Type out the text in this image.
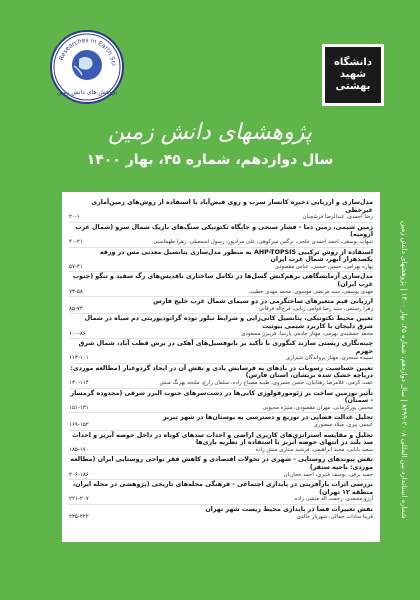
Researches in Earth Sci
پژوهش های دانش زمین
دانشگاه شهید بهشتی
پژوهشهای دانش زمین
سال دوازدهم، شماره ۴۵، بهار ۱۴۰۰
مدل‌سازی و ارزیابی ذخیره کانسار سرب و روی فیض‌آباد با استفاده از روش‌های زمین‌آماری غیرخطی
رضا احمدی، عبدالرضا فرشچیان
۲۰-۱
زمین شیمی، زمین دما - فشار سنجی و جایگاه تکتونیکی سنگ‌های بازیک شمال سرو (شمال غرب ارومیه)
شهاب یوسفی، احمد احمدی خلجی، نرگس میرکوهی، علی مرادپور، رسول اسمعیلی، زهرا طهماسبی
۴۰-۲۱
استفاده از روش ترکیبی AHP-TOPSIS به منظور مدل‌سازی پتانسیل معدنی مس در ورقه یکصدهزار ابهر، شمال غرب ایران
بهاره بهرامی، حسین حسنی، عباس مقصودی
۵۷-۴۱
مدل‌سازی آزمایشگاهی برهم‌کنش گسل‌ها در تکامل ساختاری ناقدیس‌های رگ سفید و تنگو (جنوب غرب ایران)
مهدی یوسفی، سید مرتضی موسوی، محمد مهدی خطیب
۷۳-۵۸
ارزیابی قیم متغیرهای ساختگرمی در دو سیمای شمال غرب خلیج فارس
زهرا رستمی، سید رضا قوامی ریابی، فرج‌اله فرقانی
۸۵-۷۴
تعیین محیط تکتونیکی، پتانسیل کانی‌زایی و شرایط تبلور توده گرانودیوریتی دم سیاه در شمال شرق دلیجان با کاربرد شیمی بیوتیت
محمد جمشیدی بهرمی، مهناز خادمی پارسا، فریبرز مسعودی
۱۰۰-۸۶
چینه‌نگاری زیستی سازند کنگوری با تأکید بر نانوفسیل‌های آهکی در برش قطب آباد، شمال شرق جهرم
سپیده سنجری، مهناز پرواندگان شیرازی
۱۱۳-۱۰۱
تعیین حساسیت رسوبات در بادهای به فرسایش بادی و نقش آن در ایجاد گردوغبار (مطالعه موردی: دریاچه خشک شده بریشان، استان فارس)
عفت کرمی، غلامرضا زهتابیان، حسن خسروی، طیبه مصباح زاده، سلمان زارع، ملیحه بهرنگ منش
۱۳۰-۱۱۴
تأثیر نوزمین ساخت بر ژئومورفولوژی کانی‌ها در دشت‌سرهای جنوب البرز شرقی (محدوده گرمسار - سمنان)
محسن پورکرمانی، مهران مقصودی، منیژه محبوبی
۱۵۱-۱۳۱
تحلیل عدالت فضایی در توزیع و دسترسی به بوستان‌ها در شهر تبریز
عیسی پیری، میلاد منصوری
۱۶۹-۱۵۲
تحلیل و مقایسه استراتژی‌های کاربری اراضی و احداث سدهای کوتاه در داخل حوضه آبریز و احداث سد بلند در انتهای حوضه آبریز با استفاده از نظریه بازی‌ها
سعید بابایی، مجید ابراهیمی، فرشید ستاری منش زاده
۱۸۵-۱۷۰
نقش پیوندهای روستایی - شهری در تحولات اقتصادی و کاهش فقر نواحی روستایی ایران (مطالعه موردی: ناحیه سنقر)
حمید برقی، یوسف قنبری، احمد حجاریان
۲۰۶-۱۸۶
بررسی اثرات بازآفرینی در پایداری اجتماعی - فرهنگی محله‌های تاریخی (پژوهشی در محله ایران، منطقه ۱۲ تهران)
آرزو محمدی، رحمت اله منشی زاده
۲۲۱-۲۰۷
نقش تغییرات فضا در پایداری محیط زیست شهر تهران
فریبا سادات جمالی، شهریار خالدی
۲۳۵-۲۲۲
شماره استاندارد بین المللی ۲۰۰۸-۸۲۹۹ | سال دوازدهم، شماره ۴۵، بهار ۱۴۰۰ | پژوهشهای دانش زمین
